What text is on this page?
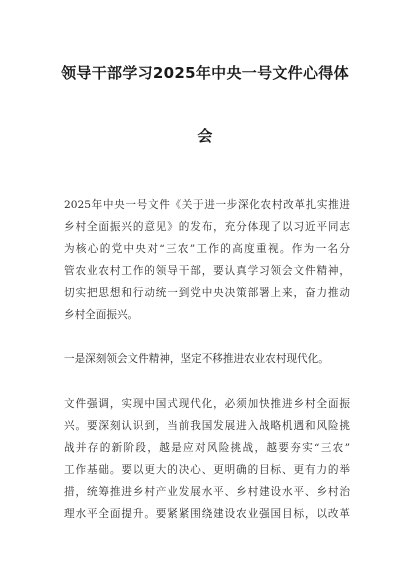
领导干部学习2025年中央一号文件心得体
会
2025年中央一号文件《关于进一步深化农村改革扎实推进
乡村全面振兴的意见》的发布，充分体现了以习近平同志
为核心的党中央对“三农”工作的高度重视。作为一名分
管农业农村工作的领导干部，要认真学习领会文件精神，
切实把思想和行动统一到党中央决策部署上来，奋力推动
乡村全面振兴。
一是深刻领会文件精神，坚定不移推进农业农村现代化。
文件强调，实现中国式现代化，必须加快推进乡村全面振
兴。要深刻认识到，当前我国发展进入战略机遇和风险挑
战并存的新阶段，越是应对风险挑战，越要夯实“三农”
工作基础。要以更大的决心、更明确的目标、更有力的举
措，统筹推进乡村产业发展水平、乡村建设水平、乡村治
理水平全面提升。要紧紧围绕建设农业强国目标，以改革
